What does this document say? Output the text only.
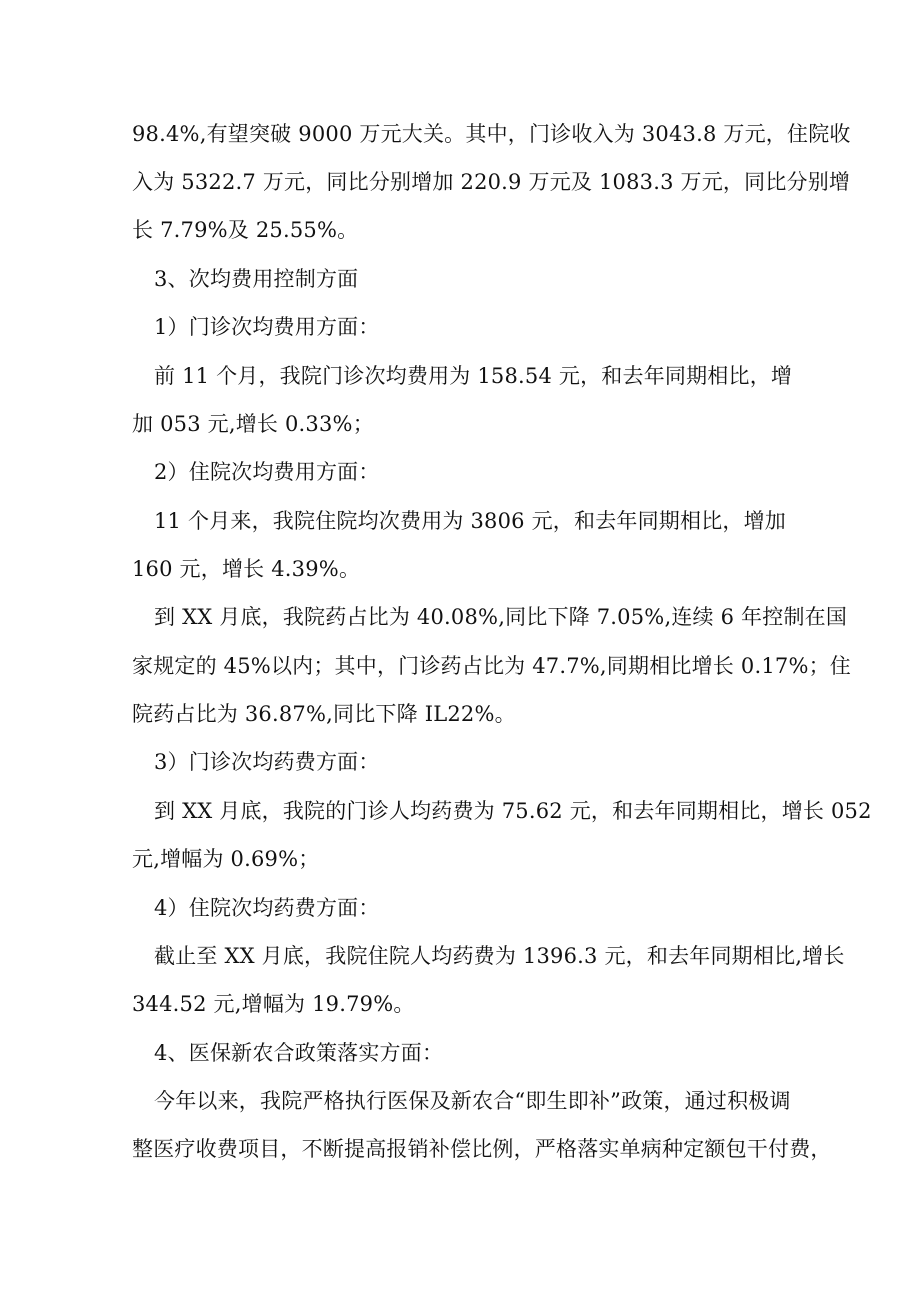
98.4%,有望突破 9000 万元大关。其中，门诊收入为 3043.8 万元，住院收
入为 5322.7 万元，同比分别增加 220.9 万元及 1083.3 万元，同比分别增
长 7.79%及 25.55%。
3、次均费用控制方面
1）门诊次均费用方面：
前 11 个月，我院门诊次均费用为 158.54 元，和去年同期相比，增
加 053 元,增长 0.33%；
2）住院次均费用方面：
11 个月来，我院住院均次费用为 3806 元，和去年同期相比，增加
160 元，增长 4.39%。
到 XX 月底，我院药占比为 40.08%,同比下降 7.05%,连续 6 年控制在国
家规定的 45%以内；其中，门诊药占比为 47.7%,同期相比增长 0.17%；住
院药占比为 36.87%,同比下降 IL22%。
3）门诊次均药费方面：
到 XX 月底，我院的门诊人均药费为 75.62 元，和去年同期相比，增长 052
元,增幅为 0.69%；
4）住院次均药费方面：
截止至 XX 月底，我院住院人均药费为 1396.3 元，和去年同期相比,增长
344.52 元,增幅为 19.79%。
4、医保新农合政策落实方面：
今年以来，我院严格执行医保及新农合“即生即补”政策，通过积极调
整医疗收费项目，不断提高报销补偿比例，严格落实单病种定额包干付费，
